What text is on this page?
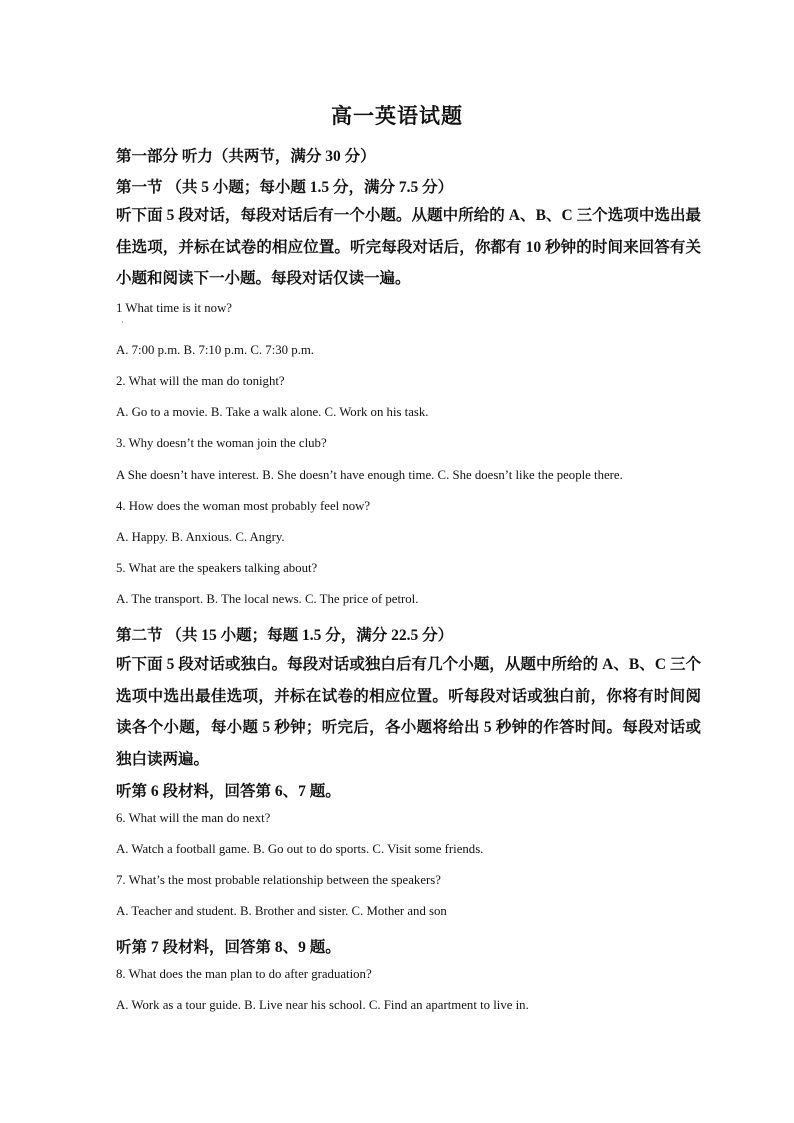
高一英语试题
第一部分 听力（共两节，满分 30 分）
第一节 （共 5 小题；每小题 1.5 分，满分 7.5 分）
听下面 5 段对话，每段对话后有一个小题。从题中所给的 A、B、C 三个选项中选出最佳选项，并标在试卷的相应位置。听完每段对话后，你都有 10 秒钟的时间来回答有关小题和阅读下一小题。每段对话仅读一遍。
1 What time is it now?
·
A. 7:00 p.m. B. 7:10 p.m. C. 7:30 p.m.
2. What will the man do tonight?
A. Go to a movie. B. Take a walk alone. C. Work on his task.
3. Why doesn’t the woman join the club?
A She doesn’t have interest. B. She doesn’t have enough time. C. She doesn’t like the people there.
4. How does the woman most probably feel now?
A. Happy. B. Anxious. C. Angry.
5. What are the speakers talking about?
A. The transport. B. The local news. C. The price of petrol.
第二节 （共 15 小题；每题 1.5 分，满分 22.5 分）
听下面 5 段对话或独白。每段对话或独白后有几个小题，从题中所给的 A、B、C 三个选项中选出最佳选项，并标在试卷的相应位置。听每段对话或独白前，你将有时间阅读各个小题，每小题 5 秒钟；听完后，各小题将给出 5 秒钟的作答时间。每段对话或独白读两遍。
听第 6 段材料，回答第 6、7 题。
6. What will the man do next?
A. Watch a football game. B. Go out to do sports. C. Visit some friends.
7. What’s the most probable relationship between the speakers?
A. Teacher and student. B. Brother and sister. C. Mother and son
听第 7 段材料，回答第 8、9 题。
8. What does the man plan to do after graduation?
A. Work as a tour guide. B. Live near his school. C. Find an apartment to live in.
